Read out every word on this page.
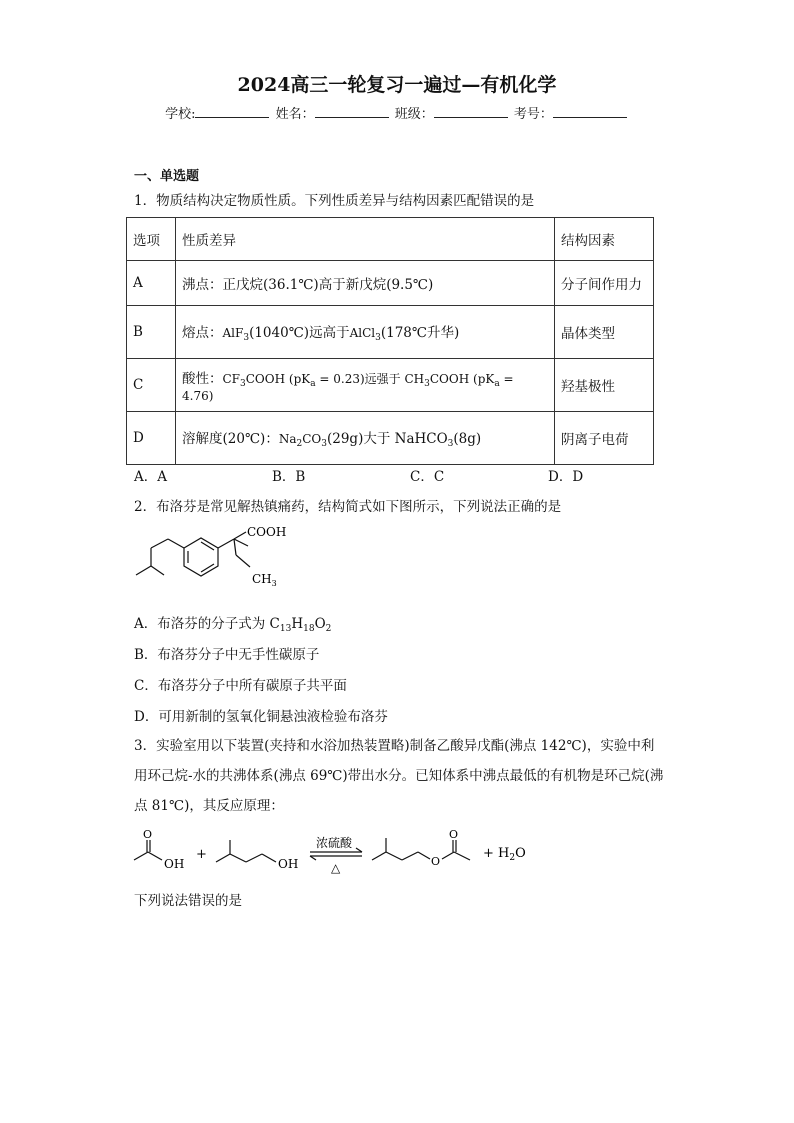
2024高三一轮复习一遍过—有机化学
学校:	姓名：	班级：	考号：
一、单选题
1．物质结构决定物质性质。下列性质差异与结构因素匹配错误的是
选项	性质差异	结构因素
A	沸点：正戊烷(36.1℃)高于新戊烷(9.5℃)	分子间作用力
B	熔点：AlF$_3$(1040℃)远高于AlCl$_3$(178℃升华)	晶体类型
C	酸性：$CF_3COOH$ $(pK_a = 0.23)$远强于 $CH_3COOH$ $(pK_a = 4.76)$	羟基极性
D	溶解度(20℃)：$Na_2CO_3(29g)$大于 NaHCO$_3$(8g)	阴离子电荷
A．A	B．B	C．C	D．D
2．布洛芬是常见解热镇痛药，结构简式如下图所示，下列说法正确的是
COOH
$CH_3$
A．布洛芬的分子式为 $C_{13}H_{18}O_2$
B．布洛芬分子中无手性碳原子
C．布洛芬分子中所有碳原子共平面
D．可用新制的氢氧化铜悬浊液检验布洛芬
3．实验室用以下装置(夹持和水浴加热装置略)制备乙酸异戊酯(沸点 142℃)，实验中利
用环己烷-水的共沸体系(沸点 69℃)带出水分。已知体系中沸点最低的有机物是环己烷(沸
点 81℃)，其反应原理：
O
OH
+
OH
浓硫酸
△	O
O
+ $H_2O$
下列说法错误的是
